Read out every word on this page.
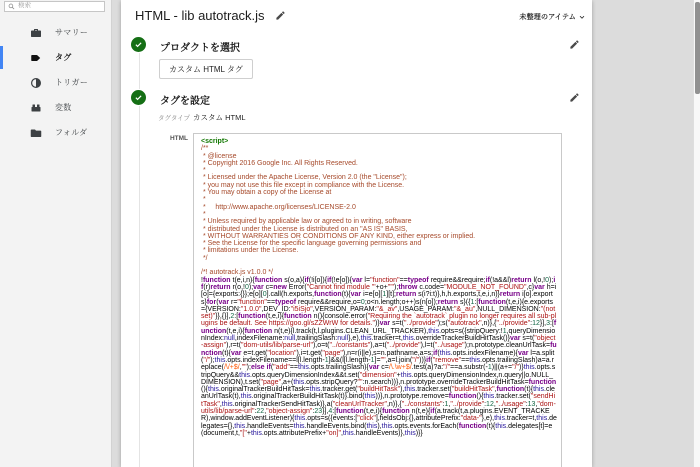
検索
サマリー
タグ
トリガー
変数
フォルダ
HTML - lib autotrack.js	未整理のアイテム
プロダクトを選択
カスタム HTML タグ
タグを設定
タグタイプ カスタム HTML
HTML <script>
/**
* @license
* Copyright 2016 Google Inc. All Rights Reserved.
*
* Licensed under the Apache License, Version 2.0 (the "License");
* you may not use this file except in compliance with the License.
* You may obtain a copy of the License at
*
*     http://www.apache.org/licenses/LICENSE-2.0
*
* Unless required by applicable law or agreed to in writing, software
* distributed under the License is distributed on an "AS IS" BASIS,
* WITHOUT WARRANTIES OR CONDITIONS OF ANY KIND, either express or implied.
* See the License for the specific language governing permissions and
* limitations under the License.
*/

/*! autotrack.js v1.0.0 */
!function t(e,i,n){function s(o,a){if(!i[o]){if(!e[o]){var l="function"==typeof require&&require;if(!a&&l)return l(o,!0);if(r)return r(o,!0);var c=new Error("Cannot find module '"+o+"'");throw c.code="MODULE_NOT_FOUND",c}var h=i[o]={exports:{}};e[o][0].call(h.exports,function(t){var i=e[o][1][t];return s(i?i:t)},h,h.exports,t,e,i,n)}return i[o].exports}for(var r="function"==typeof require&&require,o=0;o<n.length;o++)s(n[o]);return s}({1:[function(t,e,i){e.exports={VERSION:"1.0.0",DEV_ID:"i5iSjo",VERSION_PARAM:"&_av",USAGE_PARAM:"&_au",NULL_DIMENSION:"(not set)"}},{}],2:[function(t,e,i){function n(){console.error("Requiring the `autotrack` plugin no longer requires all sub-plugins be default. See https://goo.gl/sZZWrW for details.")}var s=t("../provide");s("autotrack",n)},{"../provide":12}],3:[function(t,e,i){function n(t,e){l.track(t,l.plugins.CLEAN_URL_TRACKER),this.opts=s({stripQuery:!1,queryDimensionIndex:null,indexFilename:null,trailingSlash:null},e),this.tracker=t,this.overrideTrackerBuildHitTask()}var s=t("object-assign"),r=t("dom-utils/lib/parse-url"),o=t("../constants"),a=t("../provide"),l=t("../usage");n.prototype.cleanUrlTask=function(t){var e=t.get("location"),i=t.get("page"),n=r(i||e),s=n.pathname,a=s;if(this.opts.indexFilename){var l=a.split("/");this.opts.indexFilename==l[l.length-1]&&(l[l.length-1]="",a=l.join("/"))}if("remove"==this.opts.trailingSlash)a=a.replace(/\/+$/,"");else if("add"==this.opts.trailingSlash){var c=/\.\w+$/.test(a)?a:"/"==a.substr(-1)||(a+="/")}this.opts.stripQuery&&this.opts.queryDimensionIndex&&t.set("dimension"+this.opts.queryDimensionIndex,n.query||o.NULL_DIMENSION),t.set("page",a+(this.opts.stripQuery?"":n.search))},n.prototype.overrideTrackerBuildHitTask=function(){this.originalTrackerBuildHitTask=this.tracker.get("buildHitTask"),this.tracker.set("buildHitTask",function(t){this.cleanUrlTask(t),this.originalTrackerBuildHitTask(t)}.bind(this))},n.prototype.remove=function(){this.tracker.set("sendHitTask",this.originalTrackerSendHitTask)},a("cleanUrlTracker",n)},{"../constants":1,"../provide":12,"../usage":13,"dom-utils/lib/parse-url":22,"object-assign":23}],4:[function(t,e,i){function n(t,e){if(a.track(t,a.plugins.EVENT_TRACKER),window.addEventListener){this.opts=s({events:["click"],fieldsObj:{},attributePrefix:"data-"},e),this.tracker=t,this.delegates={},this.handleEvents=this.handleEvents.bind(this),this.opts.events.forEach(function(t){this.delegates[t]=e(document,t,"["+this.opts.attributePrefix+"on]",this.handleEvents)},this)}}
